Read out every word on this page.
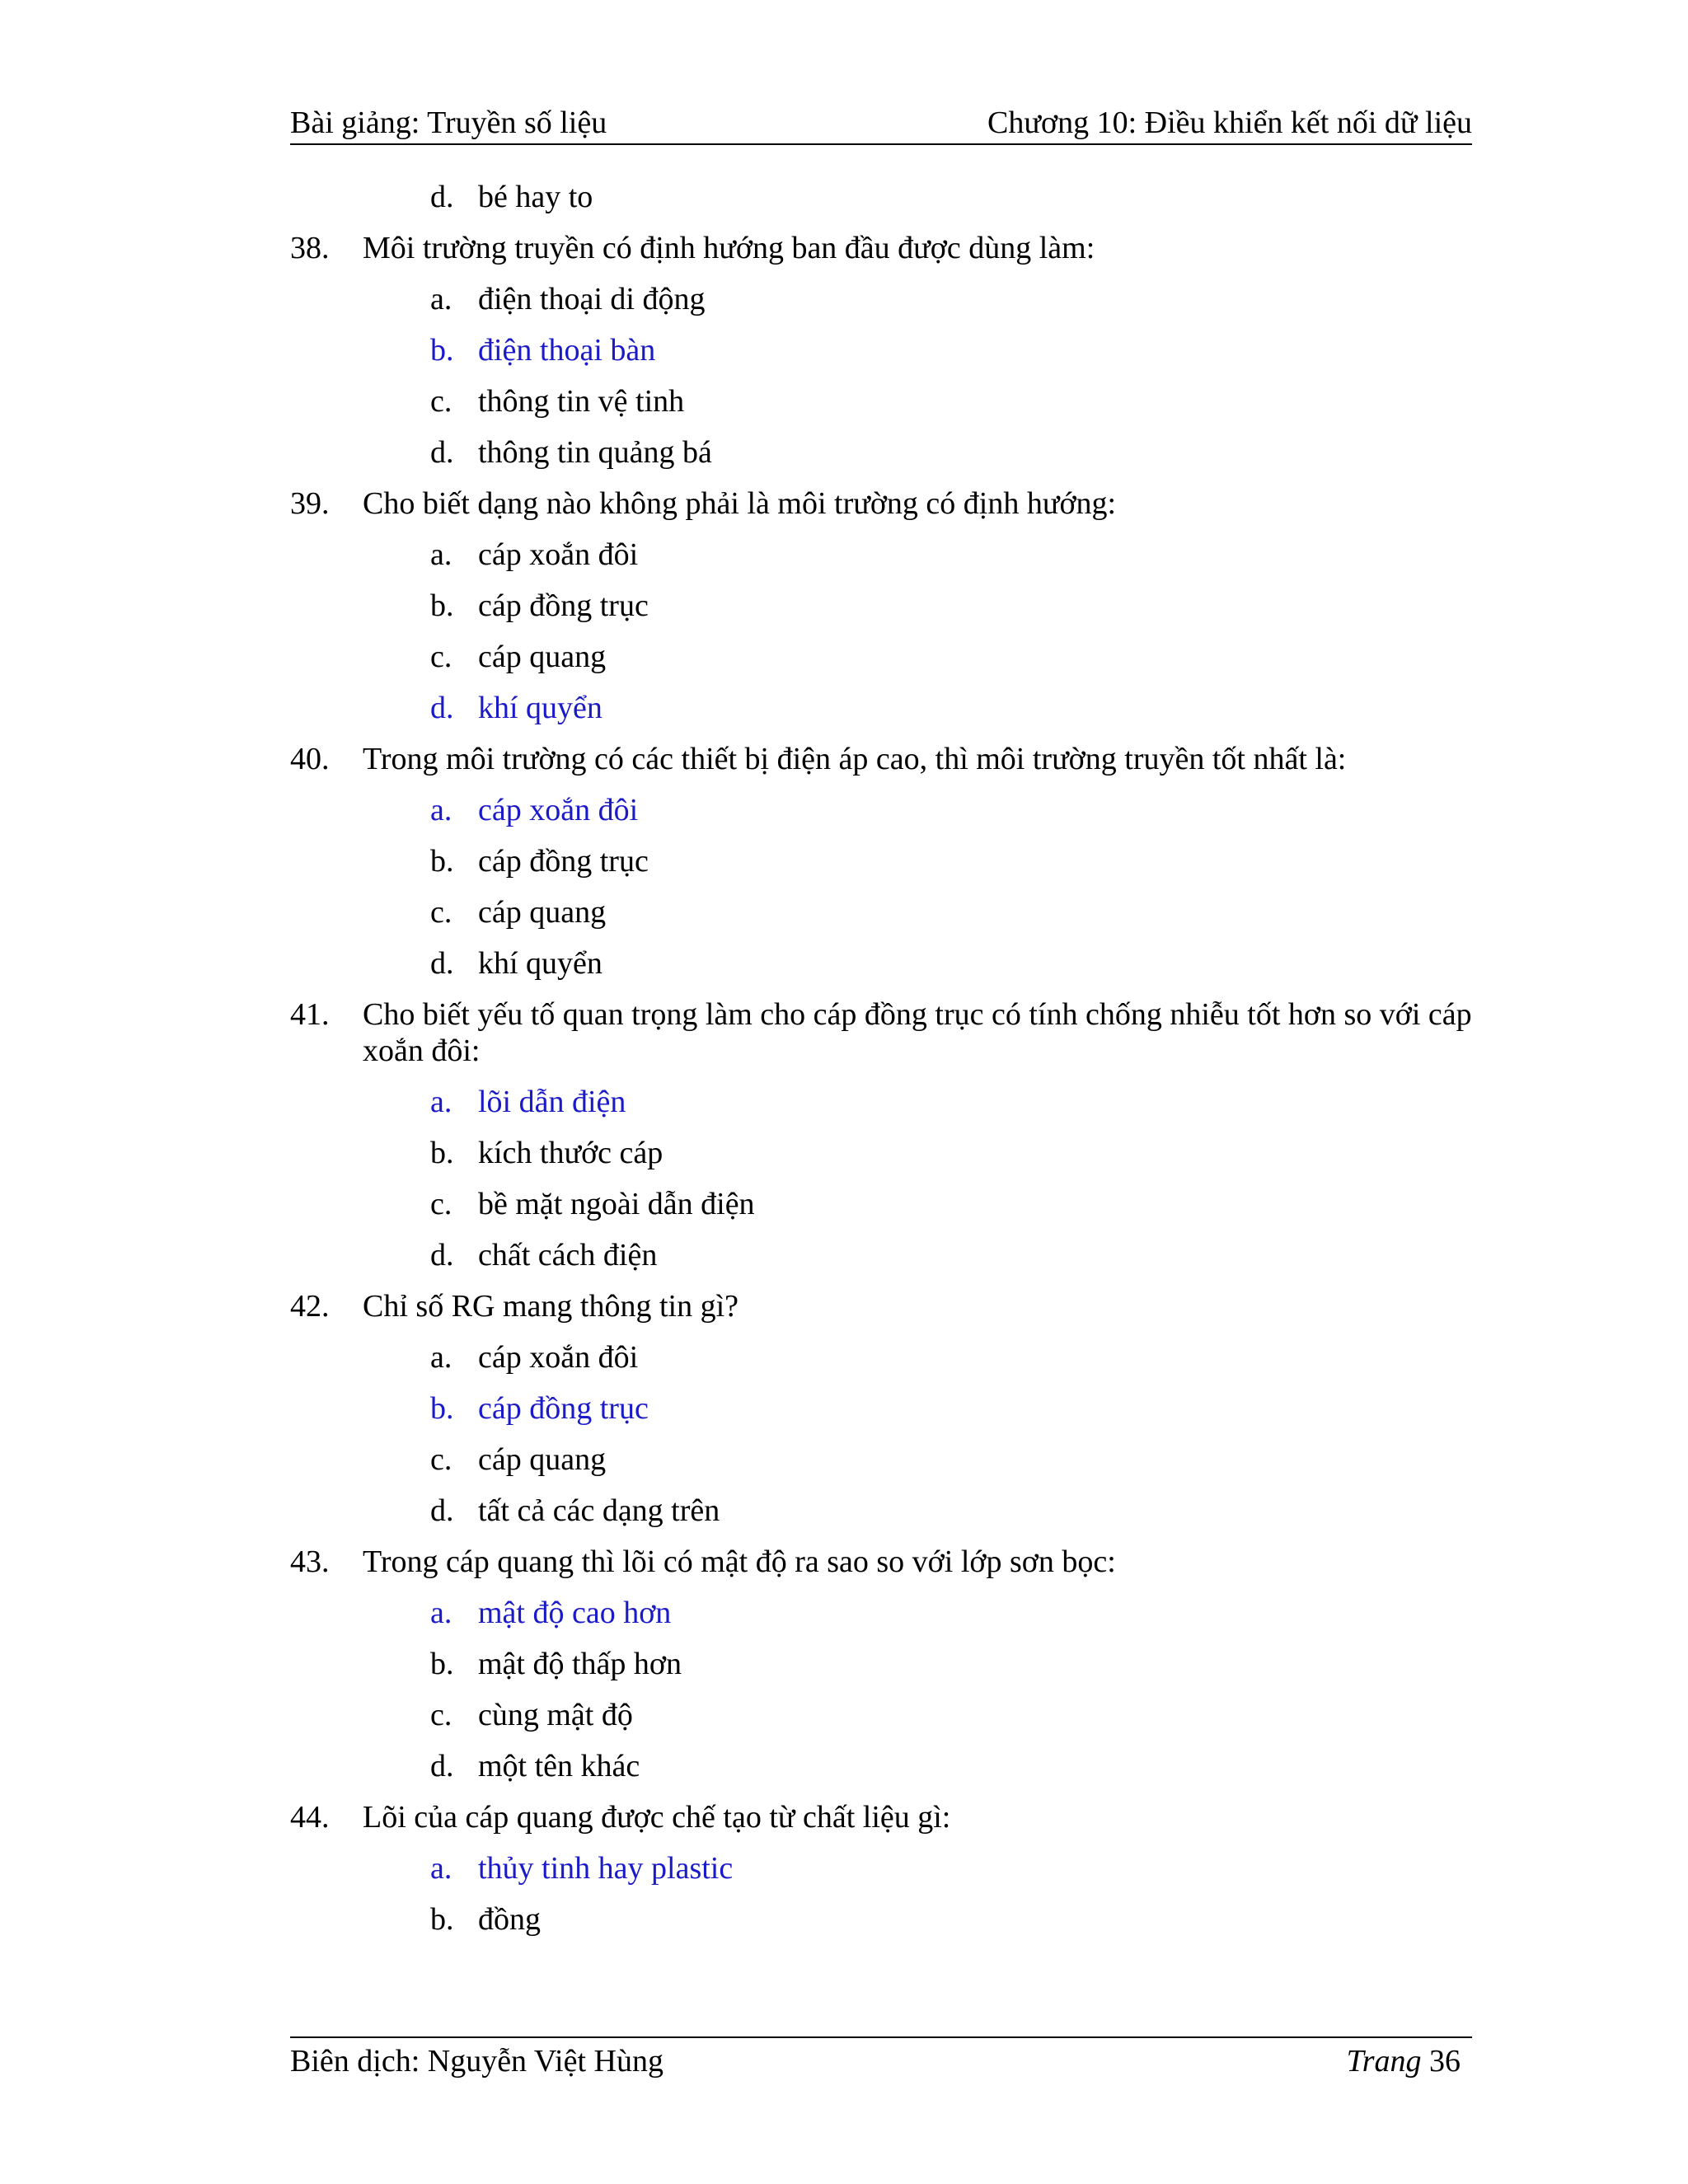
Bài giảng: Truyền số liệu	Chương 10: Điều khiển kết nối dữ liệu
d. bé hay to
38.	Môi trường truyền có định hướng ban đầu được dùng làm:
a. điện thoại di động
b. điện thoại bàn
c. thông tin vệ tinh
d. thông tin quảng bá
39.	Cho biết dạng nào không phải là môi trường có định hướng:
a. cáp xoắn đôi
b. cáp đồng trục
c. cáp quang
d. khí quyển
40.	Trong môi trường có các thiết bị điện áp cao, thì môi trường truyền tốt nhất là:
a. cáp xoắn đôi
b. cáp đồng trục
c. cáp quang
d. khí quyển
41.	Cho biết yếu tố quan trọng làm cho cáp đồng trục có tính chống nhiễu tốt hơn so với cáp xoắn đôi:
a. lõi dẫn điện
b. kích thước cáp
c. bề mặt ngoài dẫn điện
d. chất cách điện
42.	Chỉ số RG mang thông tin gì?
a. cáp xoắn đôi
b. cáp đồng trục
c. cáp quang
d. tất cả các dạng trên
43.	Trong cáp quang thì lõi có mật độ ra sao so với lớp sơn bọc:
a. mật độ cao hơn
b. mật độ thấp hơn
c. cùng mật độ
d. một tên khác
44.	Lõi của cáp quang được chế tạo từ chất liệu gì:
a. thủy tinh hay plastic
b. đồng
Biên dịch: Nguyễn Việt Hùng	Trang 36
